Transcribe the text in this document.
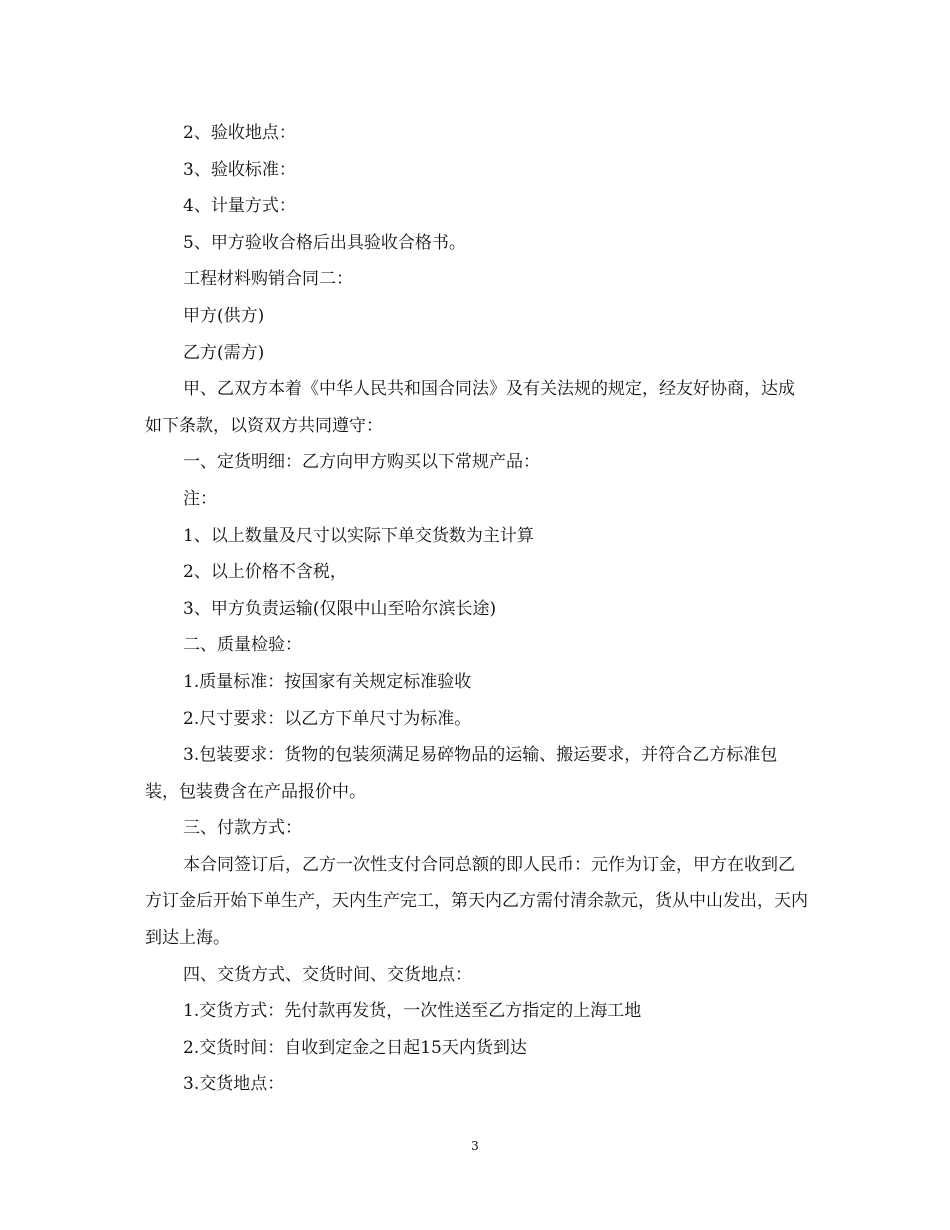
2、验收地点：

3、验收标准：

4、计量方式：

5、甲方验收合格后出具验收合格书。

工程材料购销合同二：

甲方(供方)

乙方(需方)

甲、乙双方本着《中华人民共和国合同法》及有关法规的规定，经友好协商，达成如下条款，以资双方共同遵守：

一、定货明细：乙方向甲方购买以下常规产品：

注：

1、以上数量及尺寸以实际下单交货数为主计算

2、以上价格不含税，

3、甲方负责运输(仅限中山至哈尔滨长途)

二、质量检验：

1.质量标准：按国家有关规定标准验收

2.尺寸要求：以乙方下单尺寸为标准。

3.包装要求：货物的包装须满足易碎物品的运输、搬运要求，并符合乙方标准包装，包装费含在产品报价中。

三、付款方式：

本合同签订后，乙方一次性支付合同总额的即人民币：元作为订金，甲方在收到乙方订金后开始下单生产，天内生产完工，第天内乙方需付清余款元，货从中山发出，天内到达上海。

四、交货方式、交货时间、交货地点：

1.交货方式：先付款再发货，一次性送至乙方指定的上海工地

2.交货时间：自收到定金之日起15天内货到达

3.交货地点：

3
